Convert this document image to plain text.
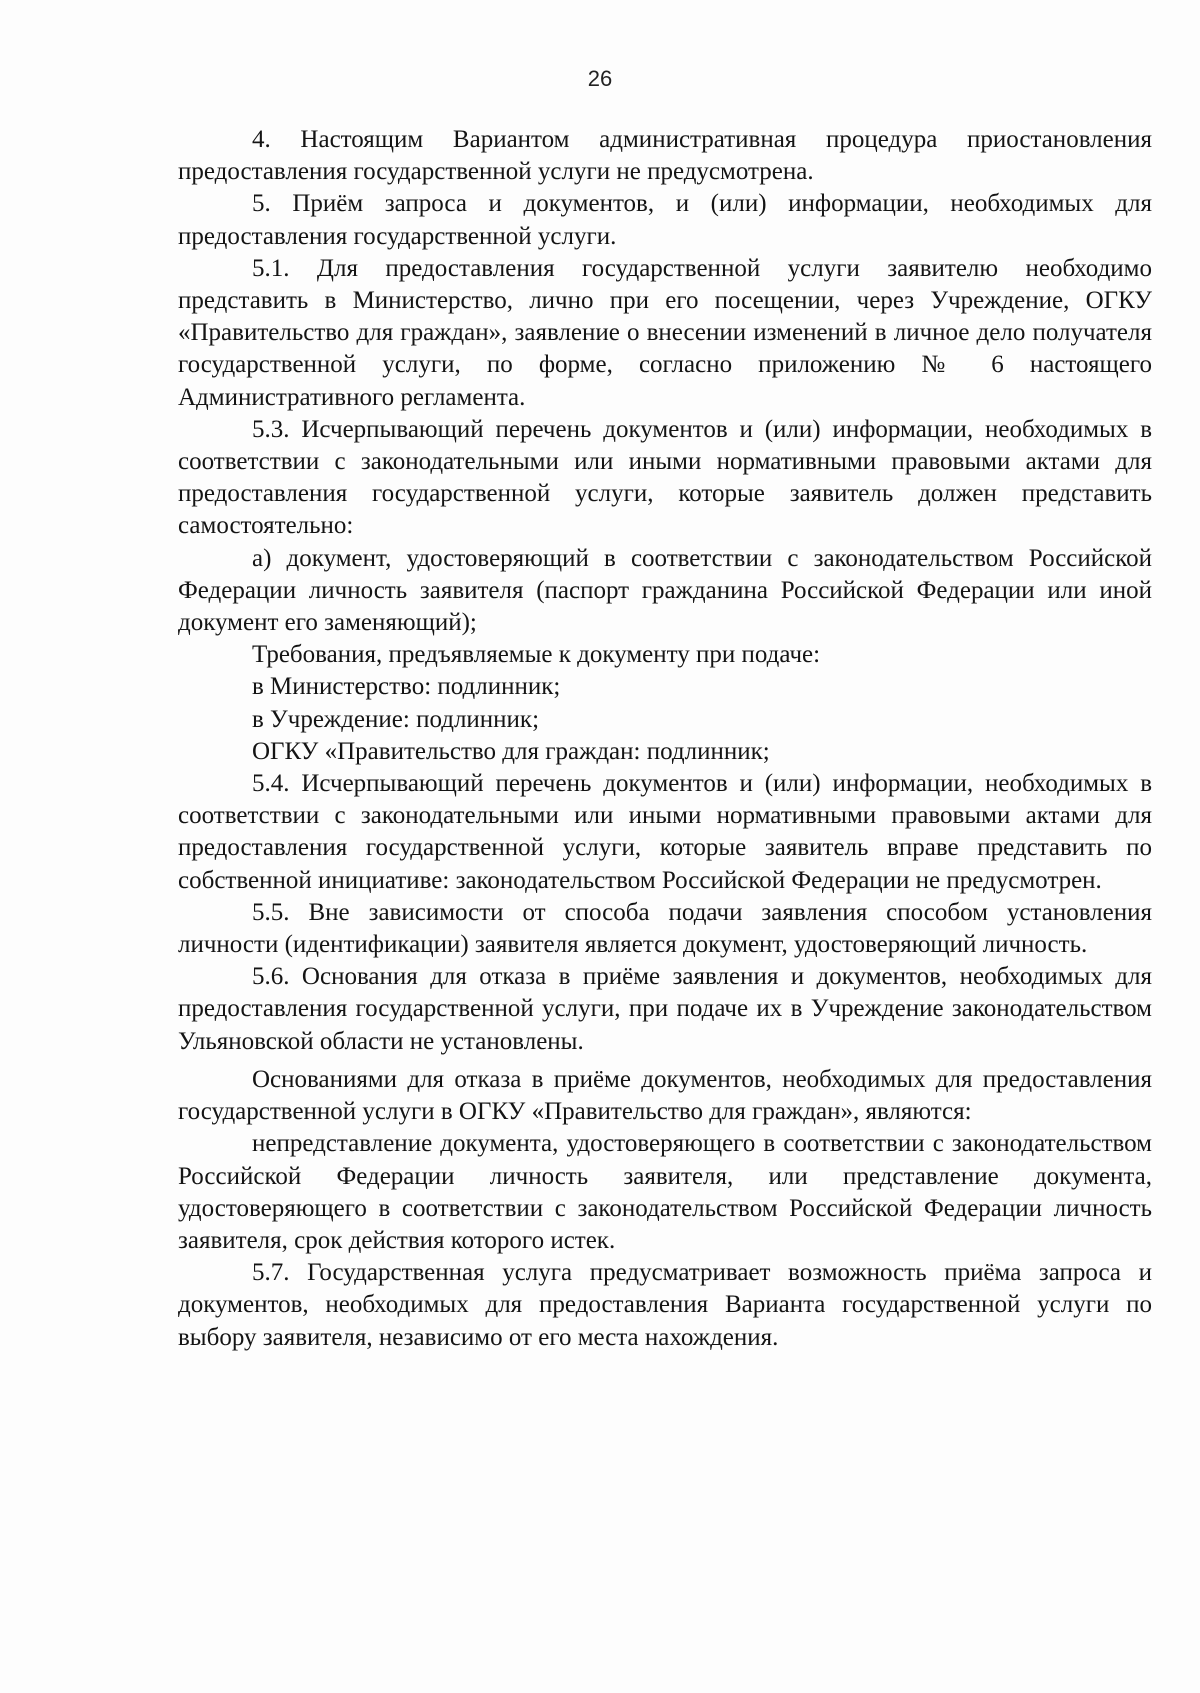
26

4. Настоящим Вариантом административная процедура приостановления предоставления государственной услуги не предусмотрена.

5. Приём запроса и документов, и (или) информации, необходимых для предоставления государственной услуги.

5.1. Для предоставления государственной услуги заявителю необходимо представить в Министерство, лично при его посещении, через Учреждение, ОГКУ «Правительство для граждан», заявление о внесении изменений в личное дело получателя государственной услуги, по форме, согласно приложению № 6 настоящего Административного регламента.

5.3. Исчерпывающий перечень документов и (или) информации, необходимых в соответствии с законодательными или иными нормативными правовыми актами для предоставления государственной услуги, которые заявитель должен представить самостоятельно:

а) документ, удостоверяющий в соответствии с законодательством Российской Федерации личность заявителя (паспорт гражданина Российской Федерации или иной документ его заменяющий);

Требования, предъявляемые к документу при подаче:

в Министерство: подлинник;

в Учреждение: подлинник;

ОГКУ «Правительство для граждан: подлинник;

5.4. Исчерпывающий перечень документов и (или) информации, необходимых в соответствии с законодательными или иными нормативными правовыми актами для предоставления государственной услуги, которые заявитель вправе представить по собственной инициативе: законодательством Российской Федерации не предусмотрен.

5.5. Вне зависимости от способа подачи заявления способом установления личности (идентификации) заявителя является документ, удостоверяющий личность.

5.6. Основания для отказа в приёме заявления и документов, необходимых для предоставления государственной услуги, при подаче их в Учреждение законодательством Ульяновской области не установлены.

Основаниями для отказа в приёме документов, необходимых для предоставления государственной услуги в ОГКУ «Правительство для граждан», являются:

непредставление документа, удостоверяющего в соответствии с законодательством Российской Федерации личность заявителя, или представление документа, удостоверяющего в соответствии с законодательством Российской Федерации личность заявителя, срок действия которого истек.

5.7. Государственная услуга предусматривает возможность приёма запроса и документов, необходимых для предоставления Варианта государственной услуги по выбору заявителя, независимо от его места нахождения.
